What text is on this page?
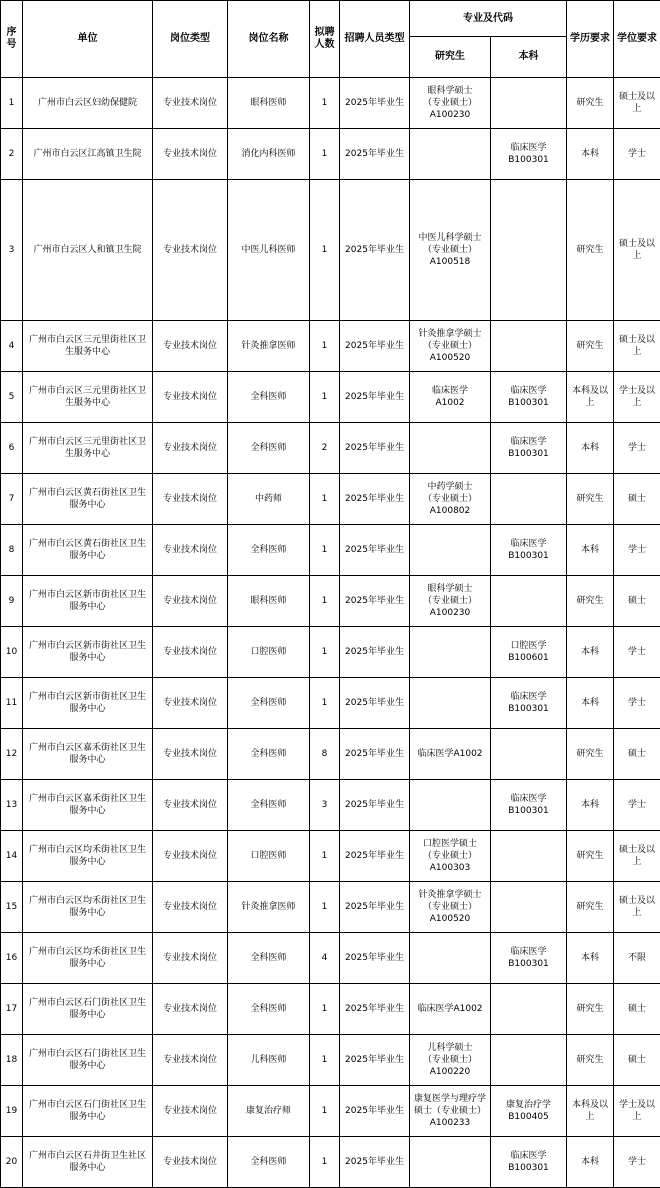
序号	单位	岗位类型	岗位名称	拟聘人数	招聘人员类型	专业及代码		学历要求	学位要求
						研究生	本科		
1	广州市白云区妇幼保健院	专业技术岗位	眼科医师	1	2025年毕业生	眼科学硕士
（专业硕士）
A100230		研究生	硕士及以上
2	广州市白云区江高镇卫生院	专业技术岗位	消化内科医师	1	2025年毕业生		临床医学
B100301	本科	学士
3	广州市白云区人和镇卫生院	专业技术岗位	中医儿科医师	1	2025年毕业生	中医儿科学硕士
（专业硕士）
A100518		研究生	硕士及以上
4	广州市白云区三元里街社区卫生服务中心	专业技术岗位	针灸推拿医师	1	2025年毕业生	针灸推拿学硕士
（专业硕士）
A100520		研究生	硕士及以上
5	广州市白云区三元里街社区卫生服务中心	专业技术岗位	全科医师	1	2025年毕业生	临床医学
A1002	临床医学
B100301	本科及以上	学士及以上
6	广州市白云区三元里街社区卫生服务中心	专业技术岗位	全科医师	2	2025年毕业生		临床医学
B100301	本科	学士
7	广州市白云区黄石街社区卫生服务中心	专业技术岗位	中药师	1	2025年毕业生	中药学硕士
（专业硕士）
A100802		研究生	硕士
8	广州市白云区黄石街社区卫生服务中心	专业技术岗位	全科医师	1	2025年毕业生		临床医学
B100301	本科	学士
9	广州市白云区新市街社区卫生服务中心	专业技术岗位	眼科医师	1	2025年毕业生	眼科学硕士
（专业硕士）
A100230		研究生	硕士
10	广州市白云区新市街社区卫生服务中心	专业技术岗位	口腔医师	1	2025年毕业生		口腔医学
B100601	本科	学士
11	广州市白云区新市街社区卫生服务中心	专业技术岗位	全科医师	1	2025年毕业生		临床医学
B100301	本科	学士
12	广州市白云区嘉禾街社区卫生服务中心	专业技术岗位	全科医师	8	2025年毕业生	临床医学A1002		研究生	硕士
13	广州市白云区嘉禾街社区卫生服务中心	专业技术岗位	全科医师	3	2025年毕业生		临床医学
B100301	本科	学士
14	广州市白云区均禾街社区卫生服务中心	专业技术岗位	口腔医师	1	2025年毕业生	口腔医学硕士
（专业硕士）
A100303		研究生	硕士及以上
15	广州市白云区均禾街社区卫生服务中心	专业技术岗位	针灸推拿医师	1	2025年毕业生	针灸推拿学硕士
（专业硕士）
A100520		研究生	硕士及以上
16	广州市白云区均禾街社区卫生服务中心	专业技术岗位	全科医师	4	2025年毕业生		临床医学
B100301	本科	不限
17	广州市白云区石门街社区卫生服务中心	专业技术岗位	全科医师	1	2025年毕业生	临床医学A1002		研究生	硕士
18	广州市白云区石门街社区卫生服务中心	专业技术岗位	儿科医师	1	2025年毕业生	儿科学硕士
（专业硕士）
A100220		研究生	硕士
19	广州市白云区石门街社区卫生服务中心	专业技术岗位	康复治疗师	1	2025年毕业生	康复医学与理疗学硕士（专业硕士）A100233	康复治疗学
B100405	本科及以上	学士及以上
20	广州市白云区石井街卫生社区服务中心	专业技术岗位	全科医师	1	2025年毕业生		临床医学
B100301	本科	学士
